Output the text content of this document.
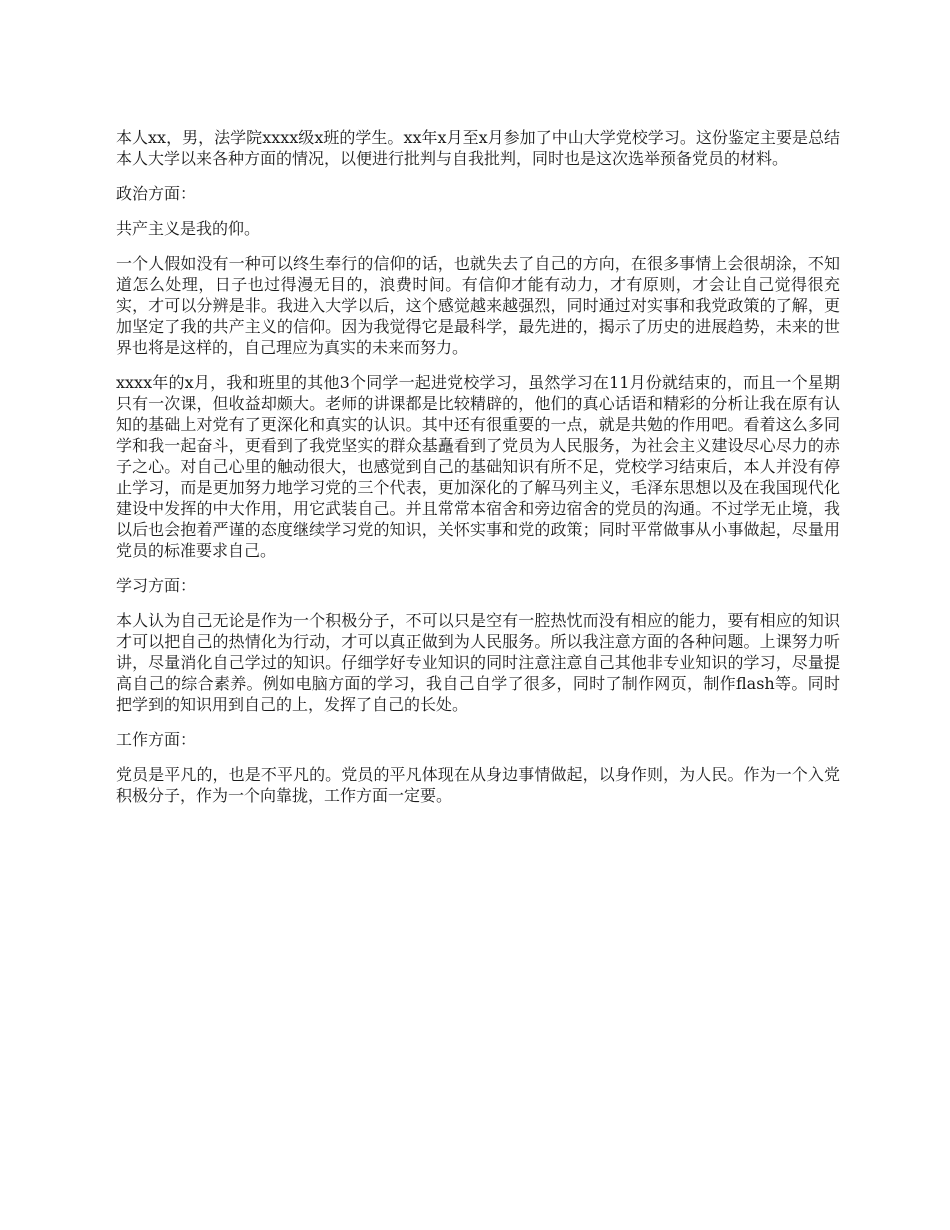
本人xx，男，法学院xxxx级x班的学生。xx年x月至x月参加了中山大学党校学习。这份鉴定主要是总结本人大学以来各种方面的情况，以便进行批判与自我批判，同时也是这次选举预备党员的材料。

政治方面：

共产主义是我的仰。

一个人假如没有一种可以终生奉行的信仰的话，也就失去了自己的方向，在很多事情上会很胡涂，不知道怎么处理，日子也过得漫无目的，浪费时间。有信仰才能有动力，才有原则，才会让自己觉得很充实，才可以分辨是非。我进入大学以后，这个感觉越来越强烈，同时通过对实事和我党政策的了解，更加坚定了我的共产主义的信仰。因为我觉得它是最科学，最先进的，揭示了历史的进展趋势，未来的世界也将是这样的，自己理应为真实的未来而努力。

xxxx年的x月，我和班里的其他3个同学一起进党校学习，虽然学习在11月份就结束的，而且一个星期只有一次课，但收益却颇大。老师的讲课都是比较精辟的，他们的真心话语和精彩的分析让我在原有认知的基础上对党有了更深化和真实的认识。其中还有很重要的一点，就是共勉的作用吧。看着这么多同学和我一起奋斗，更看到了我党坚实的群众基矗看到了党员为人民服务，为社会主义建设尽心尽力的赤子之心。对自己心里的触动很大，也感觉到自己的基础知识有所不足，党校学习结束后，本人并没有停止学习，而是更加努力地学习党的三个代表，更加深化的了解马列主义，毛泽东思想以及在我国现代化建设中发挥的中大作用，用它武装自己。并且常常本宿舍和旁边宿舍的党员的沟通。不过学无止境，我以后也会抱着严谨的态度继续学习党的知识，关怀实事和党的政策；同时平常做事从小事做起，尽量用党员的标准要求自己。

学习方面：

本人认为自己无论是作为一个积极分子，不可以只是空有一腔热忱而没有相应的能力，要有相应的知识才可以把自己的热情化为行动，才可以真正做到为人民服务。所以我注意方面的各种问题。上课努力听讲，尽量消化自己学过的知识。仔细学好专业知识的同时注意注意自己其他非专业知识的学习，尽量提高自己的综合素养。例如电脑方面的学习，我自己自学了很多，同时了制作网页，制作flash等。同时把学到的知识用到自己的上，发挥了自己的长处。

工作方面：

党员是平凡的，也是不平凡的。党员的平凡体现在从身边事情做起，以身作则，为人民。作为一个入党积极分子，作为一个向靠拢，工作方面一定要。
